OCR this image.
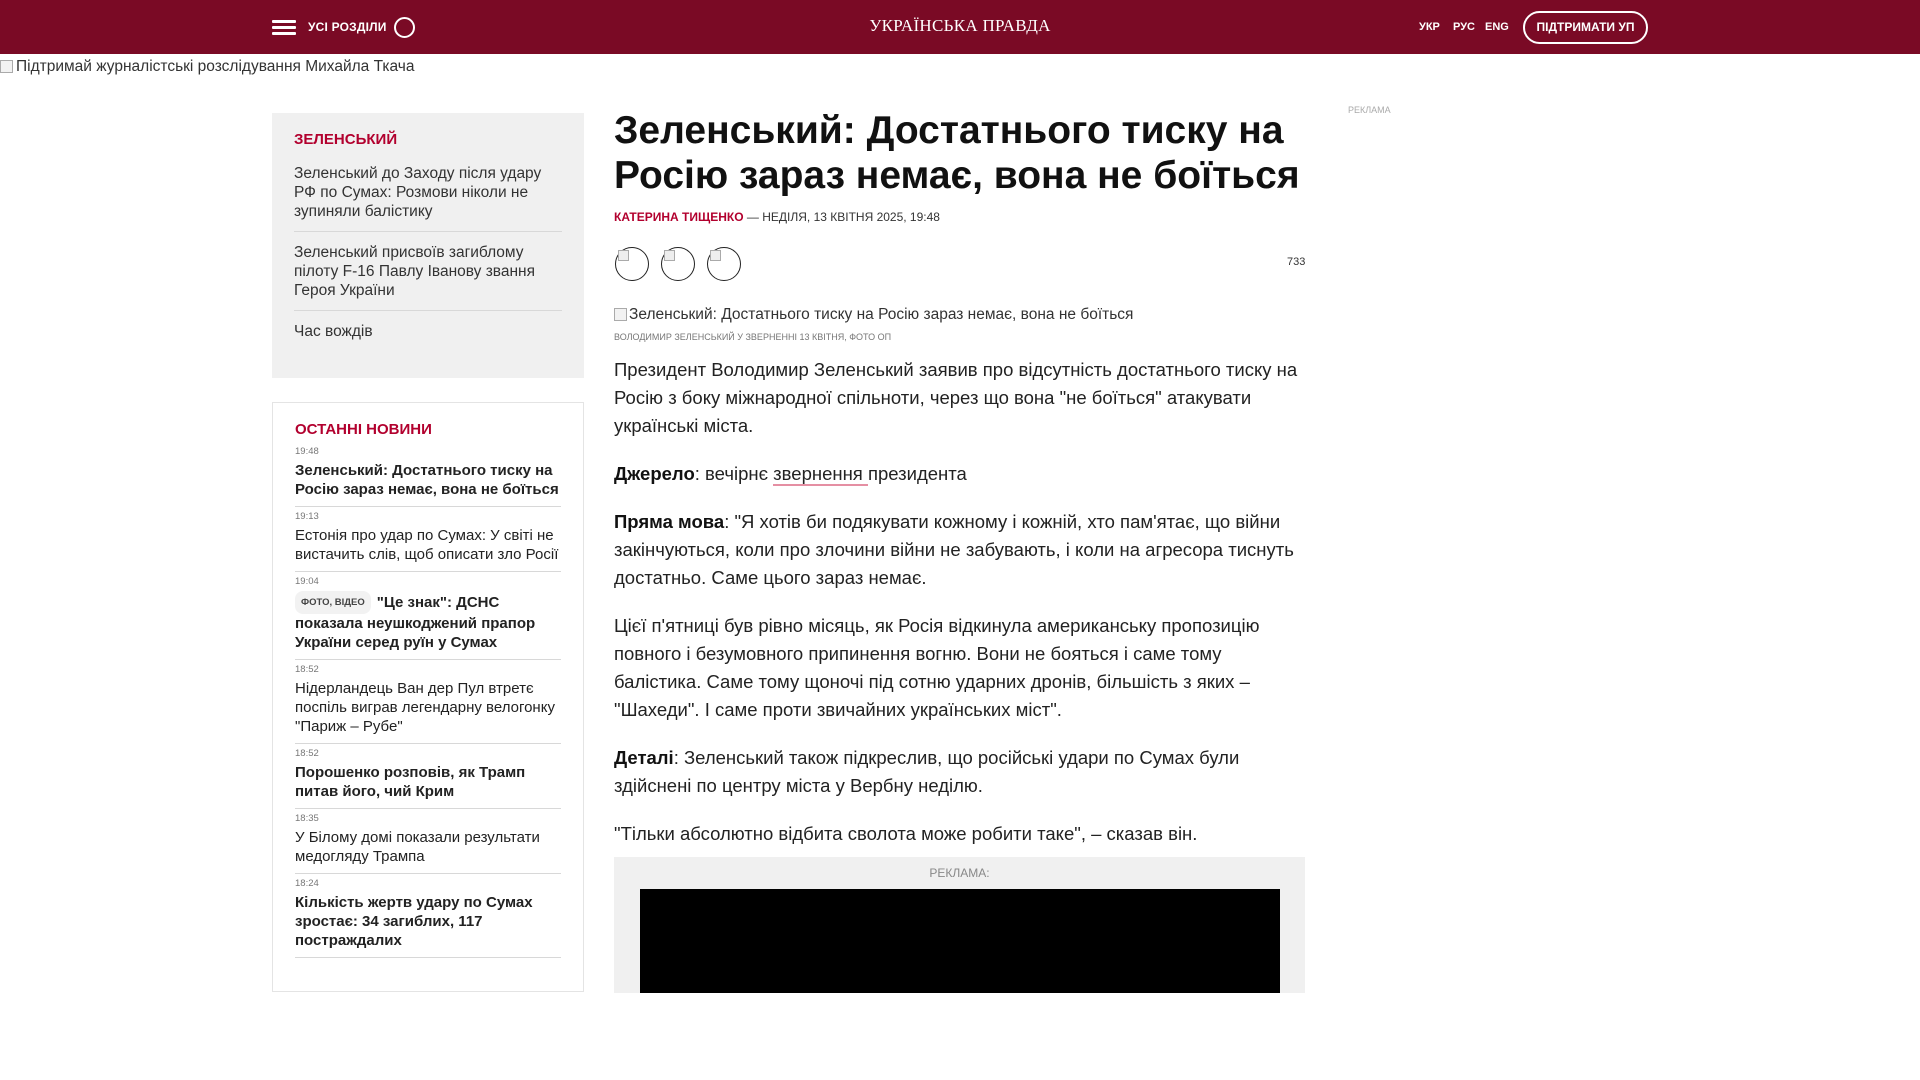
УСІ РОЗДІЛИ	УКРАЇНСЬКА ПРАВДА	УКР РУС ENG	ПІДТРИМАТИ УП
Підтримай журналістські розслідування Михайла Ткача
ЗЕЛЕНСЬКИЙ
Зеленський до Заходу після удару РФ по Сумах: Розмови ніколи не зупиняли балістику
Зеленський присвоїв загиблому пілоту F-16 Павлу Іванову звання Героя України
Час вождів
ОСТАННІ НОВИНИ
19:48
Зеленський: Достатнього тиску на Росію зараз немає, вона не боїться
19:13
Естонія про удар по Сумах: У світі не вистачить слів, щоб описати зло Росії
19:04
ФОТО, ВІДЕО "Це знак": ДСНС показала неушкоджений прапор України серед руїн у Сумах
18:52
Нідерландець Ван дер Пул втретє поспіль виграв легендарну велогонку "Париж – Рубе"
18:52
Порошенко розповів, як Трамп питав його, чий Крим
18:35
У Білому домі показали результати медогляду Трампа
18:24
Кількість жертв удару по Сумах зростає: 34 загиблих, 117 постраждалих
Зеленський: Достатнього тиску на Росію зараз немає, вона не боїться
КАТЕРИНА ТИЩЕНКО — НЕДІЛЯ, 13 КВІТНЯ 2025, 19:48
733
Зеленський: Достатнього тиску на Росію зараз немає, вона не боїться
ВОЛОДИМИР ЗЕЛЕНСЬКИЙ У ЗВЕРНЕННІ 13 КВІТНЯ, ФОТО ОП

Президент Володимир Зеленський заявив про відсутність достатнього тиску на Росію з боку міжнародної спільноти, через що вона "не боїться" атакувати українські міста.

Джерело: вечірнє звернення президента

Пряма мова: "Я хотів би подякувати кожному і кожній, хто пам'ятає, що війни закінчуються, коли про злочини війни не забувають, і коли на агресора тиснуть достатньо. Саме цього зараз немає.

Цієї п'ятниці був рівно місяць, як Росія відкинула американську пропозицію повного і безумовного припинення вогню. Вони не бояться і саме тому балістика. Саме тому щоночі під сотню ударних дронів, більшість з яких – "Шахеди". І саме проти звичайних українських міст".

Деталі: Зеленський також підкреслив, що російські удари по Сумах були здійснені по центру міста у Вербну неділю.

"Тільки абсолютно відбита сволота може робити таке", – сказав він.

РЕКЛАМА:
РЕКЛАМА
